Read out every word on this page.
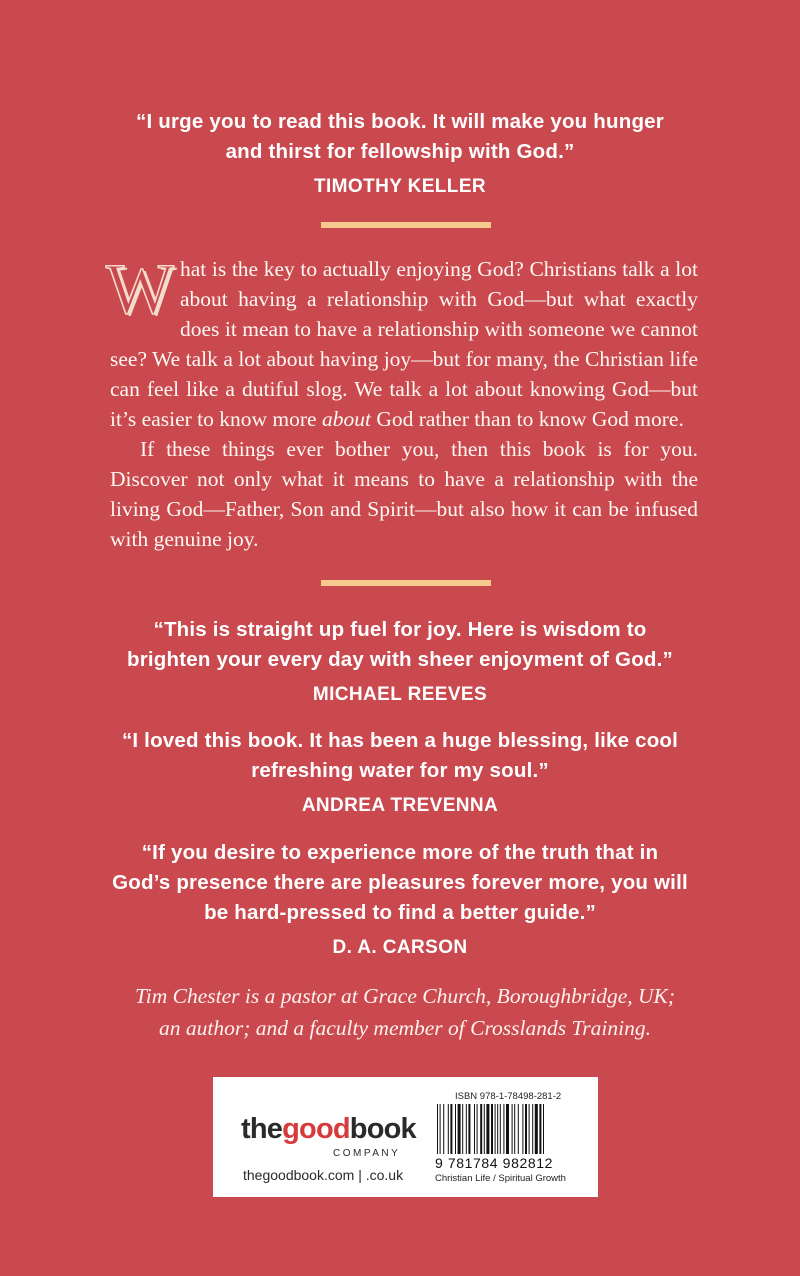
“I urge you to read this book. It will make you hunger
and thirst for fellowship with God.”
TIMOTHY KELLER

What is the key to actually enjoying God? Christians talk a lot about having a relationship with God—but what exactly does it mean to have a relationship with someone we cannot see? We talk a lot about having joy—but for many, the Christian life can feel like a dutiful slog. We talk a lot about knowing God—but it’s easier to know more about God rather than to know God more.

If these things ever bother you, then this book is for you. Discover not only what it means to have a relationship with the living God—Father, Son and Spirit—but also how it can be infused with genuine joy.

“This is straight up fuel for joy. Here is wisdom to
brighten your every day with sheer enjoyment of God.”
MICHAEL REEVES
“I loved this book. It has been a huge blessing, like cool
refreshing water for my soul.”
ANDREA TREVENNA
“If you desire to experience more of the truth that in
God’s presence there are pleasures forever more, you will
be hard-pressed to find a better guide.”
D. A. CARSON
Tim Chester is a pastor at Grace Church, Boroughbridge, UK;
an author; and a faculty member of Crosslands Training.
thegoodbook
COMPANY
thegoodbook.com | .co.uk
ISBN 978-1-78498-281-2
9 781784 982812
Christian Life / Spiritual Growth
